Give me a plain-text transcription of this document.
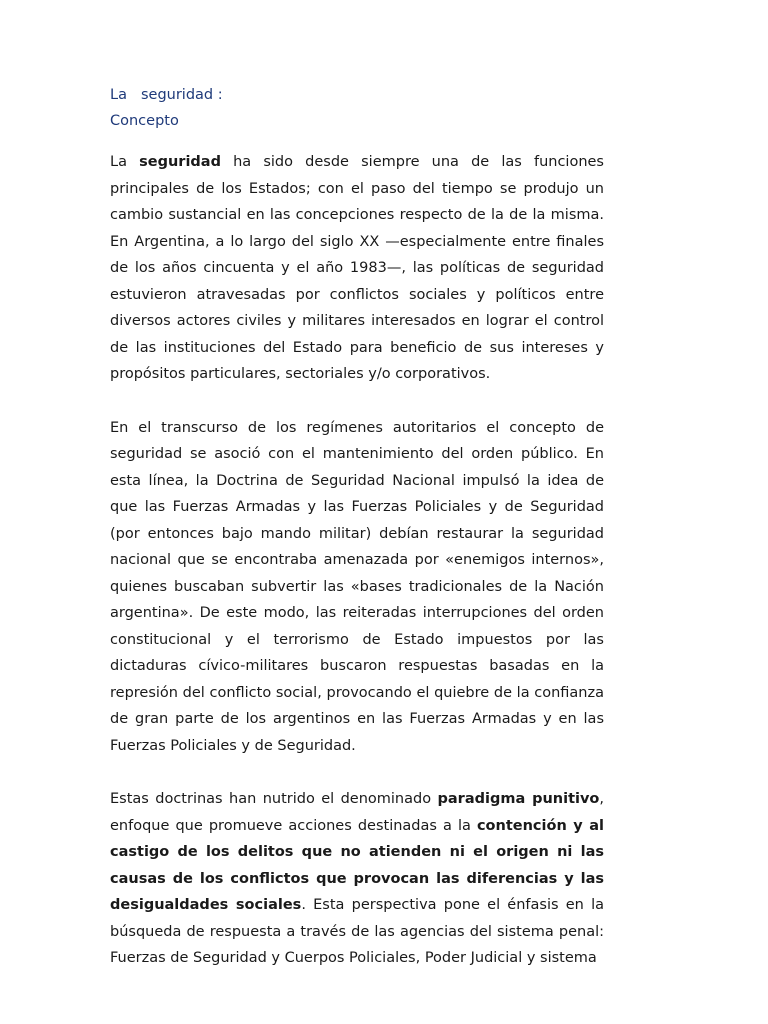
La seguridad :

Concepto

La seguridad ha sido desde siempre una de las funciones principales de los Estados; con el paso del tiempo se produjo un cambio sustancial en las concepciones respecto de la de la misma. En Argentina, a lo largo del siglo XX —especialmente entre finales de los años cincuenta y el año 1983—, las políticas de seguridad estuvieron atravesadas por conflictos sociales y políticos entre diversos actores civiles y militares interesados en lograr el control de las instituciones del Estado para beneficio de sus intereses y propósitos particulares, sectoriales y/o corporativos.

En el transcurso de los regímenes autoritarios el concepto de seguridad se asoció con el mantenimiento del orden público. En esta línea, la Doctrina de Seguridad Nacional impulsó la idea de que las Fuerzas Armadas y las Fuerzas Policiales y de Seguridad (por entonces bajo mando militar) debían restaurar la seguridad nacional que se encontraba amenazada por «enemigos internos», quienes buscaban subvertir las «bases tradicionales de la Nación argentina». De este modo, las reiteradas interrupciones del orden constitucional y el terrorismo de Estado impuestos por las dictaduras cívico-militares buscaron respuestas basadas en la represión del conflicto social, provocando el quiebre de la confianza de gran parte de los argentinos en las Fuerzas Armadas y en las Fuerzas Policiales y de Seguridad.

Estas doctrinas han nutrido el denominado paradigma punitivo, enfoque que promueve acciones destinadas a la contención y al castigo de los delitos que no atienden ni el origen ni las causas de los conflictos que provocan las diferencias y las desigualdades sociales. Esta perspectiva pone el énfasis en la búsqueda de respuesta a través de las agencias del sistema penal: Fuerzas de Seguridad y Cuerpos Policiales, Poder Judicial y sistema
